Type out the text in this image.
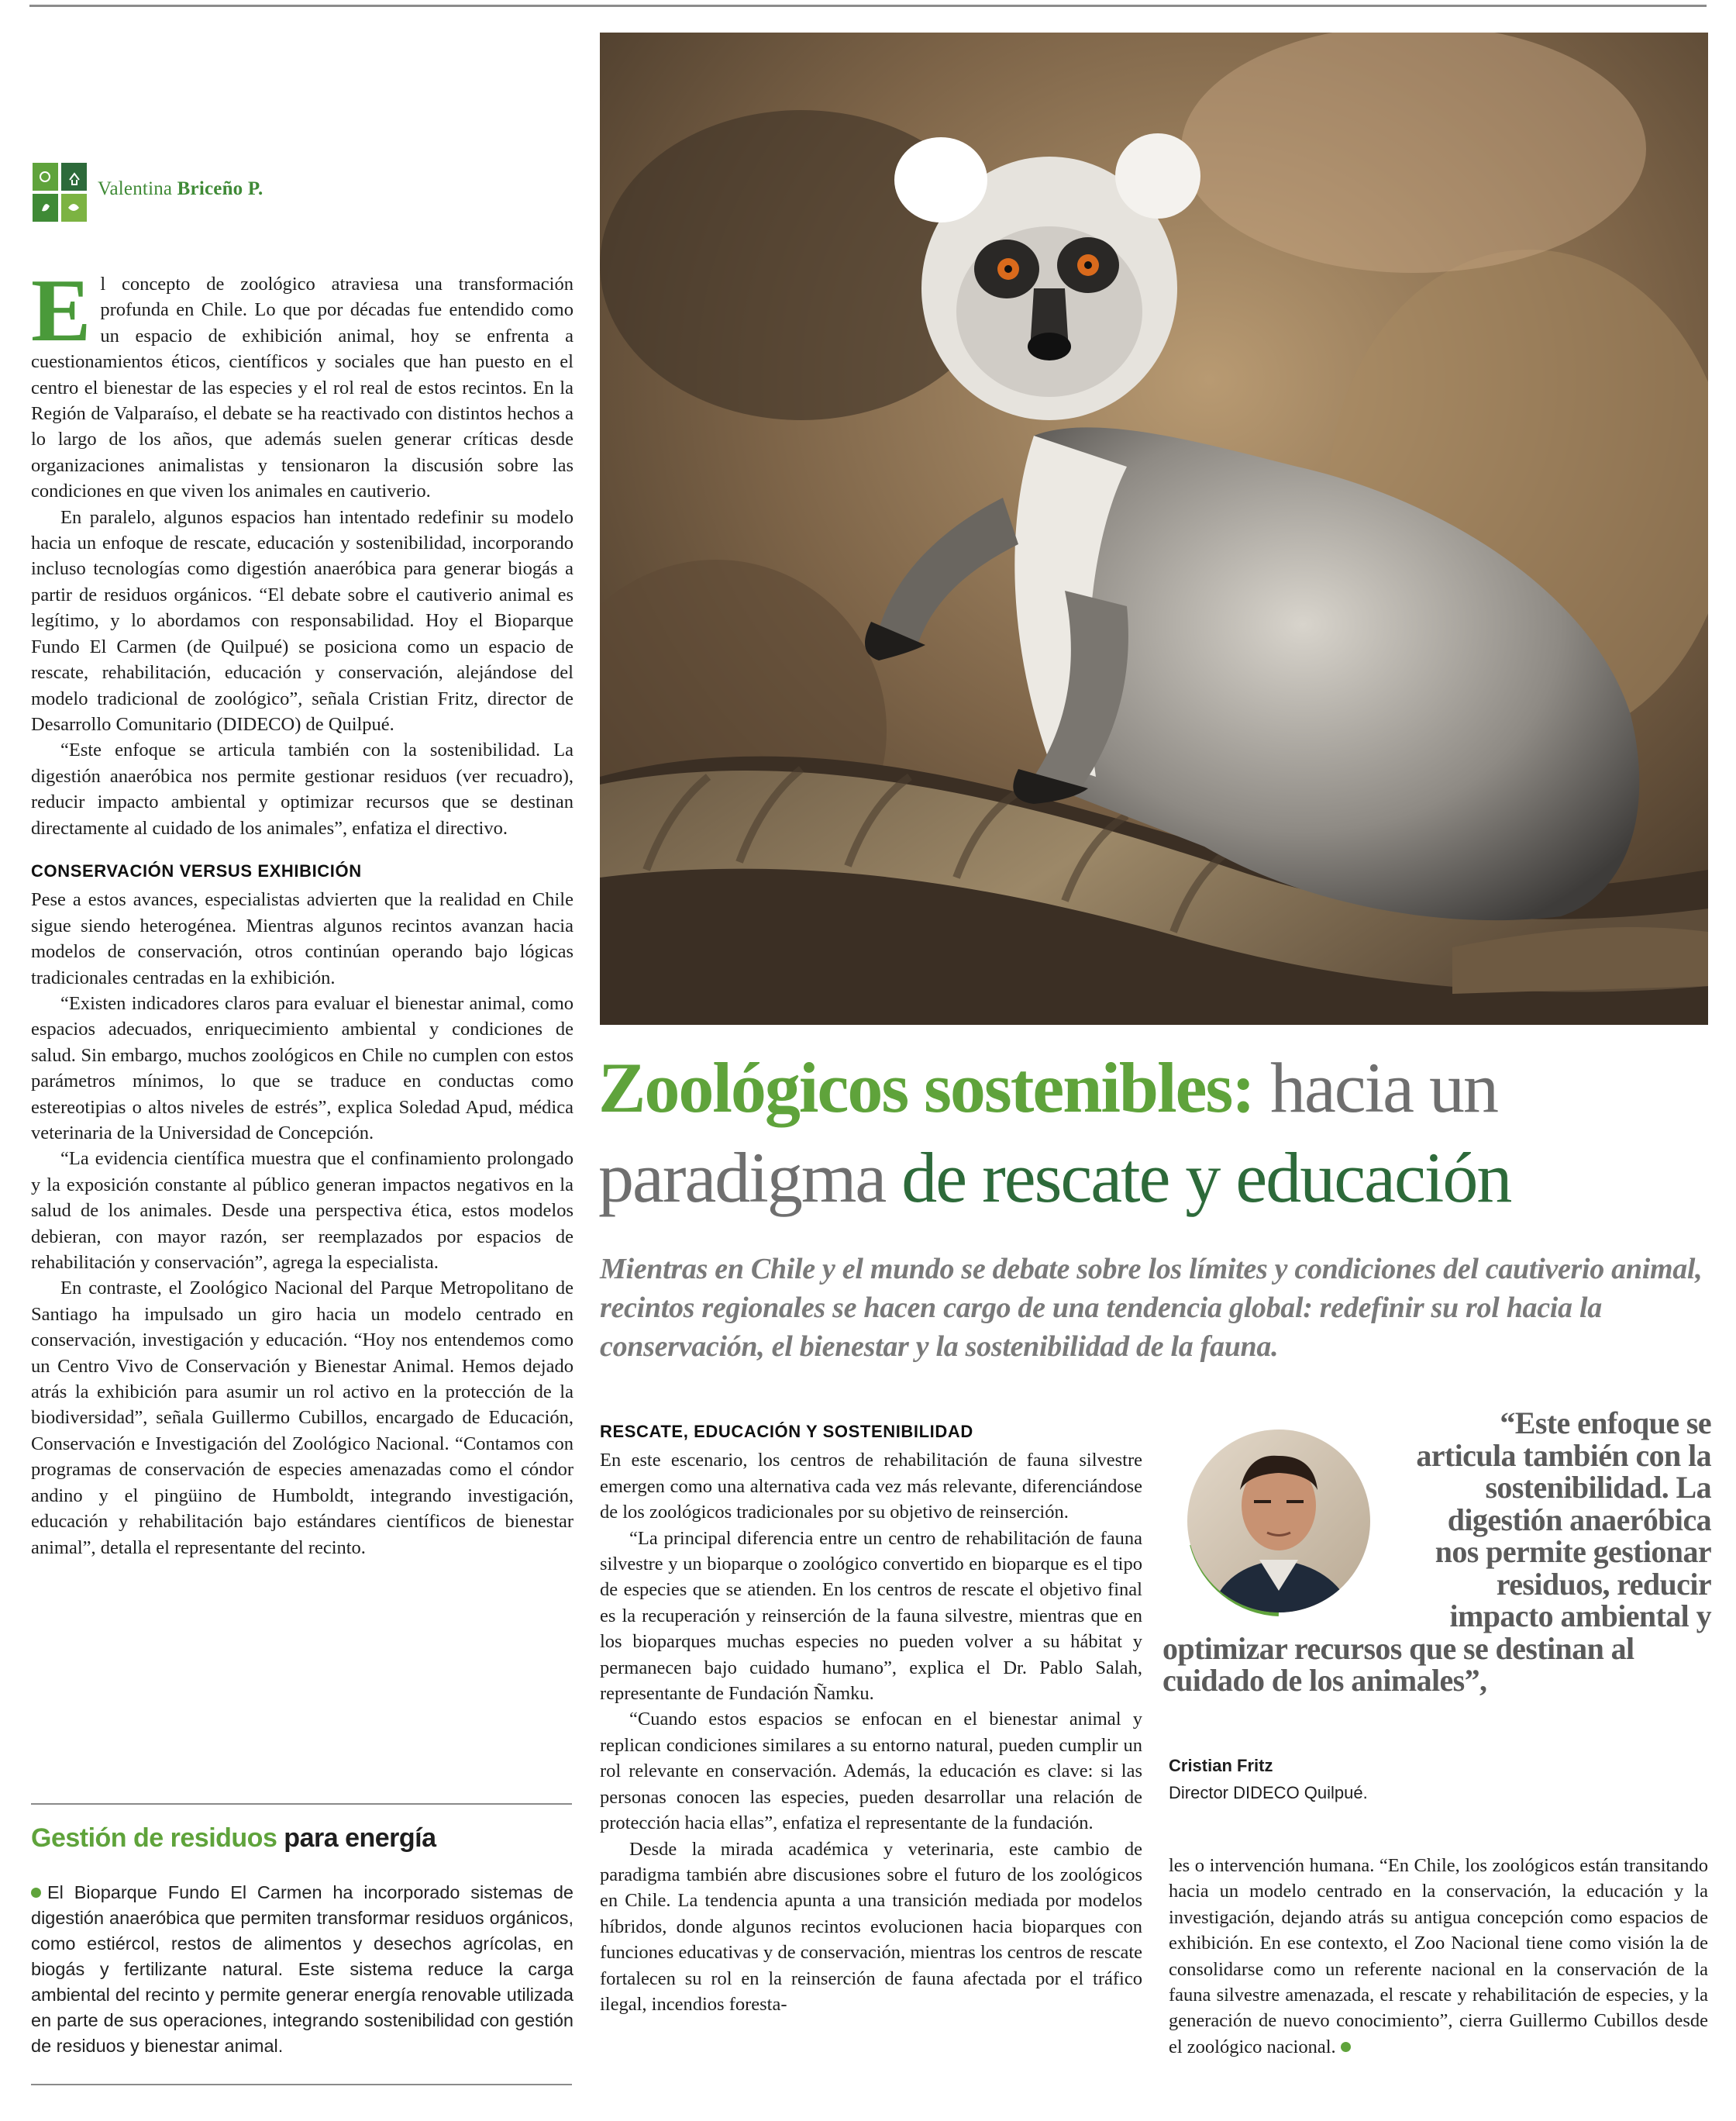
Valentina Briceño P.

El concepto de zoológico atraviesa una transformación profunda en Chile. Lo que por décadas fue entendido como un espacio de exhibición animal, hoy se enfrenta a cuestionamientos éticos, científicos y sociales que han puesto en el centro el bienestar de las especies y el rol real de estos recintos. En la Región de Valparaíso, el debate se ha reactivado con distintos hechos a lo largo de los años, que además suelen generar críticas desde organizaciones animalistas y tensionaron la discusión sobre las condiciones en que viven los animales en cautiverio.

En paralelo, algunos espacios han intentado redefinir su modelo hacia un enfoque de rescate, educación y sostenibilidad, incorporando incluso tecnologías como digestión anaeróbica para generar biogás a partir de residuos orgánicos. “El debate sobre el cautiverio animal es legítimo, y lo abordamos con responsabilidad. Hoy el Bioparque Fundo El Carmen (de Quilpué) se posiciona como un espacio de rescate, rehabilitación, educación y conservación, alejándose del modelo tradicional de zoológico”, señala Cristian Fritz, director de Desarrollo Comunitario (DIDECO) de Quilpué.

“Este enfoque se articula también con la sostenibilidad. La digestión anaeróbica nos permite gestionar residuos (ver recuadro), reducir impacto ambiental y optimizar recursos que se destinan directamente al cuidado de los animales”, enfatiza el directivo.

CONSERVACIÓN VERSUS EXHIBICIÓN

Pese a estos avances, especialistas advierten que la realidad en Chile sigue siendo heterogénea. Mientras algunos recintos avanzan hacia modelos de conservación, otros continúan operando bajo lógicas tradicionales centradas en la exhibición.

“Existen indicadores claros para evaluar el bienestar animal, como espacios adecuados, enriquecimiento ambiental y condiciones de salud. Sin embargo, muchos zoológicos en Chile no cumplen con estos parámetros mínimos, lo que se traduce en conductas como estereotipias o altos niveles de estrés”, explica Soledad Apud, médica veterinaria de la Universidad de Concepción.

“La evidencia científica muestra que el confinamiento prolongado y la exposición constante al público generan impactos negativos en la salud de los animales. Desde una perspectiva ética, estos modelos debieran, con mayor razón, ser reemplazados por espacios de rehabilitación y conservación”, agrega la especialista.

En contraste, el Zoológico Nacional del Parque Metropolitano de Santiago ha impulsado un giro hacia un modelo centrado en conservación, investigación y educación. “Hoy nos entendemos como un Centro Vivo de Conservación y Bienestar Animal. Hemos dejado atrás la exhibición para asumir un rol activo en la protección de la biodiversidad”, señala Guillermo Cubillos, encargado de Educación, Conservación e Investigación del Zoológico Nacional. “Contamos con programas de conservación de especies amenazadas como el cóndor andino y el pingüino de Humboldt, integrando investigación, educación y rehabilitación bajo estándares científicos de bienestar animal”, detalla el representante del recinto.

Zoológicos sostenibles: hacia un
paradigma de rescate y educación
Mientras en Chile y el mundo se debate sobre los límites y condiciones del cautiverio animal, recintos regionales se hacen cargo de una tendencia global: redefinir su rol hacia la conservación, el bienestar y la sostenibilidad de la fauna.

RESCATE, EDUCACIÓN Y SOSTENIBILIDAD

En este escenario, los centros de rehabilitación de fauna silvestre emergen como una alternativa cada vez más relevante, diferenciándose de los zoológicos tradicionales por su objetivo de reinserción.

“La principal diferencia entre un centro de rehabilitación de fauna silvestre y un bioparque o zoológico convertido en bioparque es el tipo de especies que se atienden. En los centros de rescate el objetivo final es la recuperación y reinserción de la fauna silvestre, mientras que en los bioparques muchas especies no pueden volver a su hábitat y permanecen bajo cuidado humano”, explica el Dr. Pablo Salah, representante de Fundación Ñamku.

“Cuando estos espacios se enfocan en el bienestar animal y replican condiciones similares a su entorno natural, pueden cumplir un rol relevante en conservación. Además, la educación es clave: si las personas conocen las especies, pueden desarrollar una relación de protección hacia ellas”, enfatiza el representante de la fundación.

Desde la mirada académica y veterinaria, este cambio de paradigma también abre discusiones sobre el futuro de los zoológicos en Chile. La tendencia apunta a una transición mediada por modelos híbridos, donde algunos recintos evolucionen hacia bioparques con funciones educativas y de conservación, mientras los centros de rescate fortalecen su rol en la reinserción de fauna afectada por el tráfico ilegal, incendios foresta-

“Este enfoque se
articula también con la
sostenibilidad. La
digestión anaeróbica
nos permite gestionar
residuos, reducir
impacto ambiental y
optimizar recursos que se destinan al
cuidado de los animales”,
Cristian Fritz
Director DIDECO Quilpué.

les o intervención humana. “En Chile, los zoológicos están transitando hacia un modelo centrado en la conservación, la educación y la investigación, dejando atrás su antigua concepción como espacios de exhibición. En ese contexto, el Zoo Nacional tiene como visión la de consolidarse como un referente nacional en la conservación de la fauna silvestre amenazada, el rescate y rehabilitación de especies, y la generación de nuevo conocimiento”, cierra Guillermo Cubillos desde el zoológico nacional.

Gestión de residuos para energía
El Bioparque Fundo El Carmen ha incorporado sistemas de digestión anaeróbica que permiten transformar residuos orgánicos, como estiércol, restos de alimentos y desechos agrícolas, en biogás y fertilizante natural. Este sistema reduce la carga ambiental del recinto y permite generar energía renovable utilizada en parte de sus operaciones, integrando sostenibilidad con gestión de residuos y bienestar animal.
